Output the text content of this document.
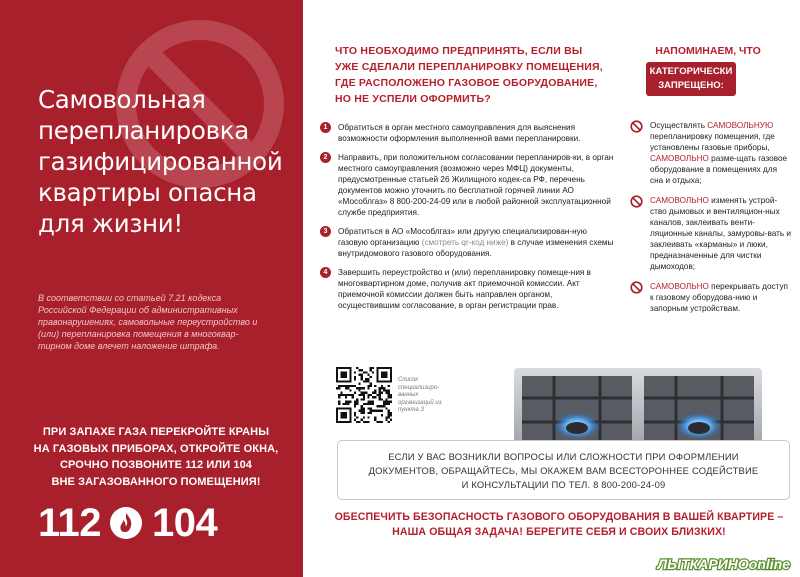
Самовольная
перепланировка
газифицированной
квартиры опасна
для жизни!

В соответствии со статьей 7.21 кодекса Российской Федерации об административных правонарушениях, самовольные переустройство и (или) перепланировка помещения в многоквар-тирном доме влечет наложение штрафа.

ПРИ ЗАПАХЕ ГАЗА ПЕРЕКРОЙТЕ КРАНЫ
НА ГАЗОВЫХ ПРИБОРАХ, ОТКРОЙТЕ ОКНА,
СРОЧНО ПОЗВОНИТЕ 112 ИЛИ 104
ВНЕ ЗАГАЗОВАННОГО ПОМЕЩЕНИЯ!

112 104
ЧТО НЕОБХОДИМО ПРЕДПРИНЯТЬ, ЕСЛИ ВЫ
УЖЕ СДЕЛАЛИ ПЕРЕПЛАНИРОВКУ ПОМЕЩЕНИЯ,
ГДЕ РАСПОЛОЖЕНО ГАЗОВОЕ ОБОРУДОВАНИЕ,
НО НЕ УСПЕЛИ ОФОРМИТЬ?
1	Обратиться в орган местного самоуправления для выяснения возможности оформления выполненной вами перепланировки.
2	Направить, при положительном согласовании перепланиров-ки, в орган местного самоуправления (возможно через МФЦ) документы, предусмотренные статьей 26 Жилищного кодек-са РФ, перечень документов можно уточнить по бесплатной горячей линии АО «Мособлгаз» 8 800-200-24-09 или в любой районной эксплуатационной службе предприятия.
3	Обратиться в АО «Мособлгаз» или другую специализирован-ную газовую организацию (смотреть qr-код ниже) в случае изменения схемы внутридомового газового оборудования.
4	Завершить переустройство и (или) перепланировку помеще-ния в многоквартирном доме, получив акт приемочной комиссии. Акт приемочной комиссии должен быть направлен органом, осуществившим согласование, в орган регистрации прав.

Список специализиро-ванных организаций из пункта 3

НАПОМИНАЕМ, ЧТО
КАТЕГОРИЧЕСКИ
ЗАПРЕЩЕНО:
Осуществлять САМОВОЛЬНУЮ перепланировку помещения, где установлены газовые приборы, САМОВОЛЬНО разме-щать газовое оборудование в помещениях для сна и отдыха;
САМОВОЛЬНО изменять устрой-ство дымовых и вентиляцион-ных каналов, заклеивать венти-ляционные каналы, замуровы-вать и заклеивать «карманы» и люки, предназначенные для чистки дымоходов;
САМОВОЛЬНО перекрывать доступ к газовому оборудова-нию и запорным устройствам.
ЕСЛИ У ВАС ВОЗНИКЛИ ВОПРОСЫ ИЛИ СЛОЖНОСТИ ПРИ ОФОРМЛЕНИИ
ДОКУМЕНТОВ, ОБРАЩАЙТЕСЬ, МЫ ОКАЖЕМ ВАМ ВСЕСТОРОННЕЕ СОДЕЙСТВИЕ
И КОНСУЛЬТАЦИИ ПО ТЕЛ. 8 800-200-24-09
ОБЕСПЕЧИТЬ БЕЗОПАСНОСТЬ ГАЗОВОГО ОБОРУДОВАНИЯ В ВАШЕЙ КВАРТИРЕ –
НАША ОБЩАЯ ЗАДАЧА! БЕРЕГИТЕ СЕБЯ И СВОИХ БЛИЗКИХ!
ЛЫТКАРИНОonline
